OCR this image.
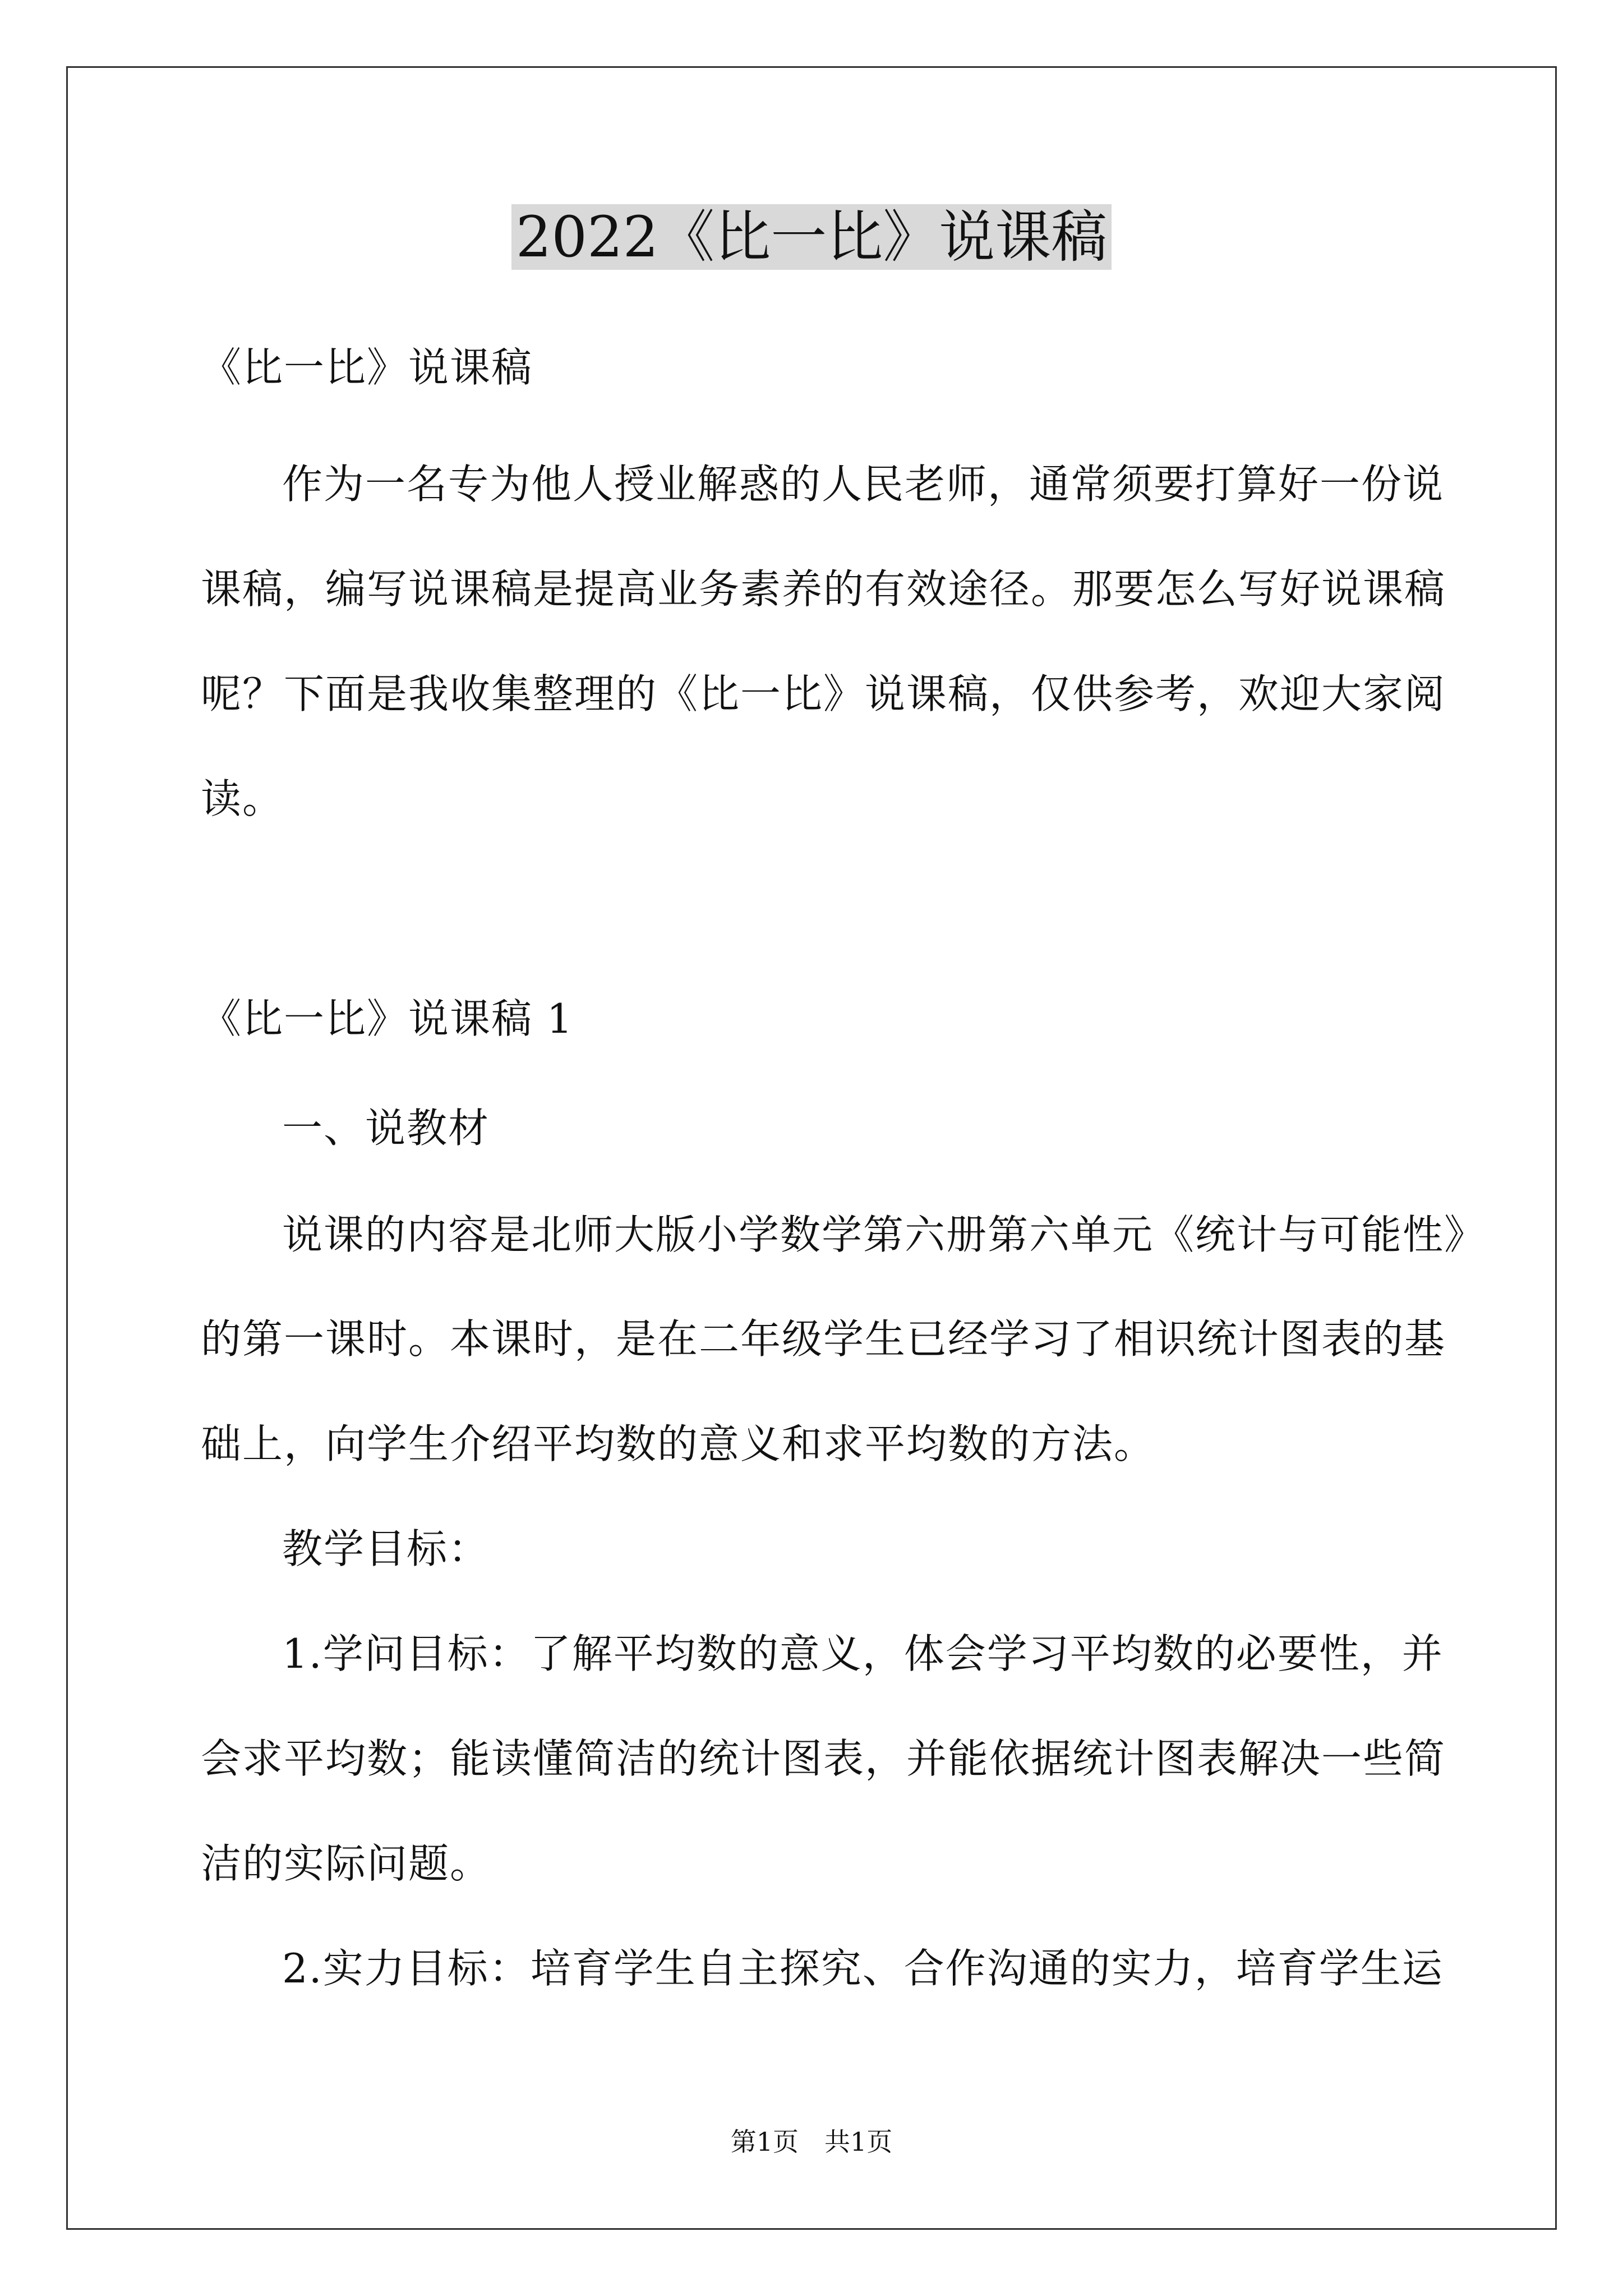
2022《比一比》说课稿
《比一比》说课稿
作为一名专为他人授业解惑的人民老师，通常须要打算好一份说
课稿，编写说课稿是提高业务素养的有效途径。那要怎么写好说课稿
呢？下面是我收集整理的《比一比》说课稿，仅供参考，欢迎大家阅
读。
《比一比》说课稿 1
一、说教材
说课的内容是北师大版小学数学第六册第六单元《统计与可能性》
的第一课时。本课时，是在二年级学生已经学习了相识统计图表的基
础上，向学生介绍平均数的意义和求平均数的方法。
教学目标：
1.学问目标：了解平均数的意义，体会学习平均数的必要性，并
会求平均数；能读懂简洁的统计图表，并能依据统计图表解决一些简
洁的实际问题。
2.实力目标：培育学生自主探究、合作沟通的实力，培育学生运
第1页　共1页
